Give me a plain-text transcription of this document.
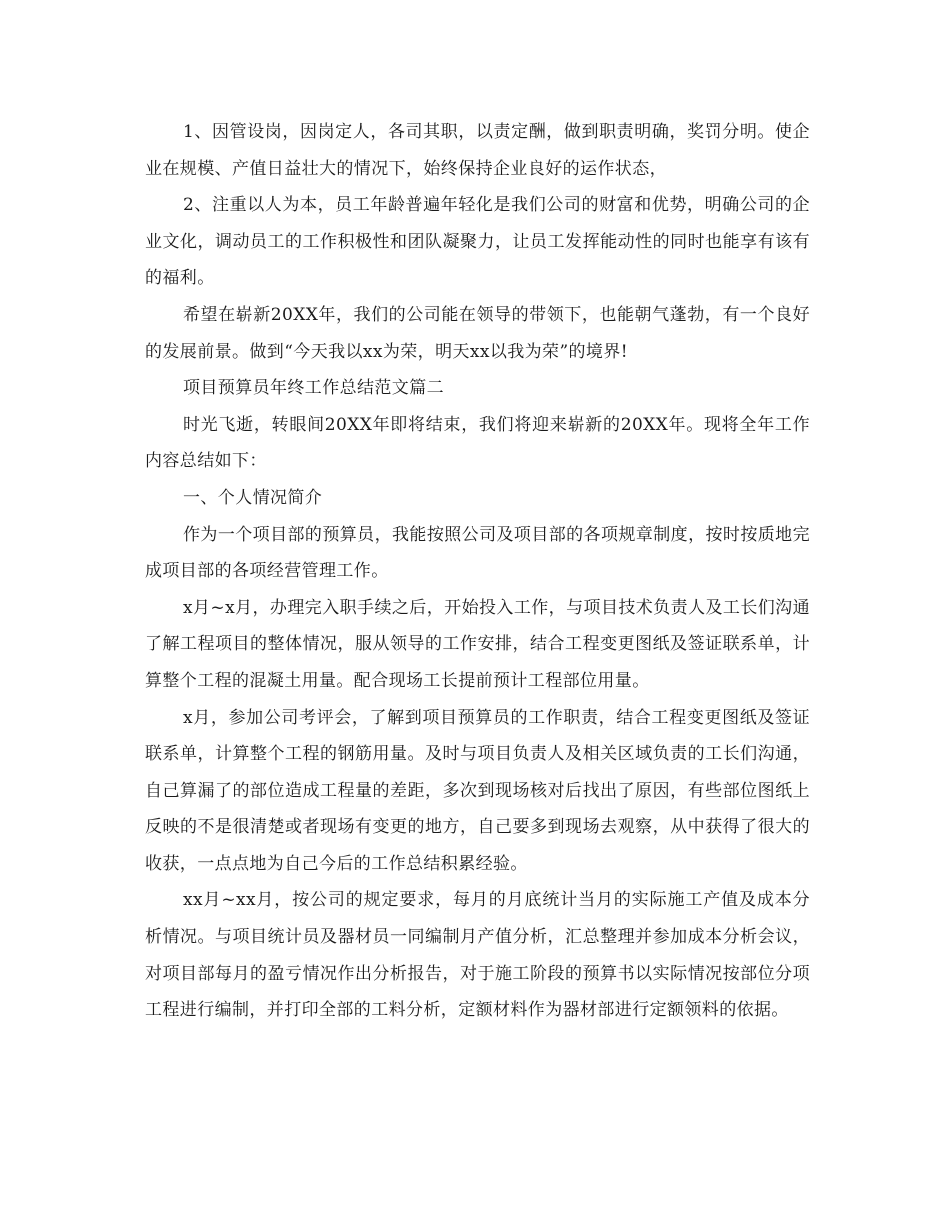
1、因管设岗，因岗定人，各司其职，以责定酬，做到职责明确，奖罚分明。使企业在规模、产值日益壮大的情况下，始终保持企业良好的运作状态，

2、注重以人为本，员工年龄普遍年轻化是我们公司的财富和优势，明确公司的企业文化，调动员工的工作积极性和团队凝聚力，让员工发挥能动性的同时也能享有该有的福利。

希望在崭新20XX年，我们的公司能在领导的带领下，也能朝气蓬勃，有一个良好的发展前景。做到“今天我以xx为荣，明天xx以我为荣”的境界!

项目预算员年终工作总结范文篇二

时光飞逝，转眼间20XX年即将结束，我们将迎来崭新的20XX年。现将全年工作内容总结如下：

一、个人情况简介

作为一个项目部的预算员，我能按照公司及项目部的各项规章制度，按时按质地完成项目部的各项经营管理工作。

x月~x月，办理完入职手续之后，开始投入工作，与项目技术负责人及工长们沟通了解工程项目的整体情况，服从领导的工作安排，结合工程变更图纸及签证联系单，计算整个工程的混凝土用量。配合现场工长提前预计工程部位用量。

x月，参加公司考评会，了解到项目预算员的工作职责，结合工程变更图纸及签证联系单，计算整个工程的钢筋用量。及时与项目负责人及相关区域负责的工长们沟通，自己算漏了的部位造成工程量的差距，多次到现场核对后找出了原因，有些部位图纸上反映的不是很清楚或者现场有变更的地方，自己要多到现场去观察，从中获得了很大的收获，一点点地为自己今后的工作总结积累经验。

xx月~xx月，按公司的规定要求，每月的月底统计当月的实际施工产值及成本分析情况。与项目统计员及器材员一同编制月产值分析，汇总整理并参加成本分析会议，对项目部每月的盈亏情况作出分析报告，对于施工阶段的预算书以实际情况按部位分项工程进行编制，并打印全部的工料分析，定额材料作为器材部进行定额领料的依据。
